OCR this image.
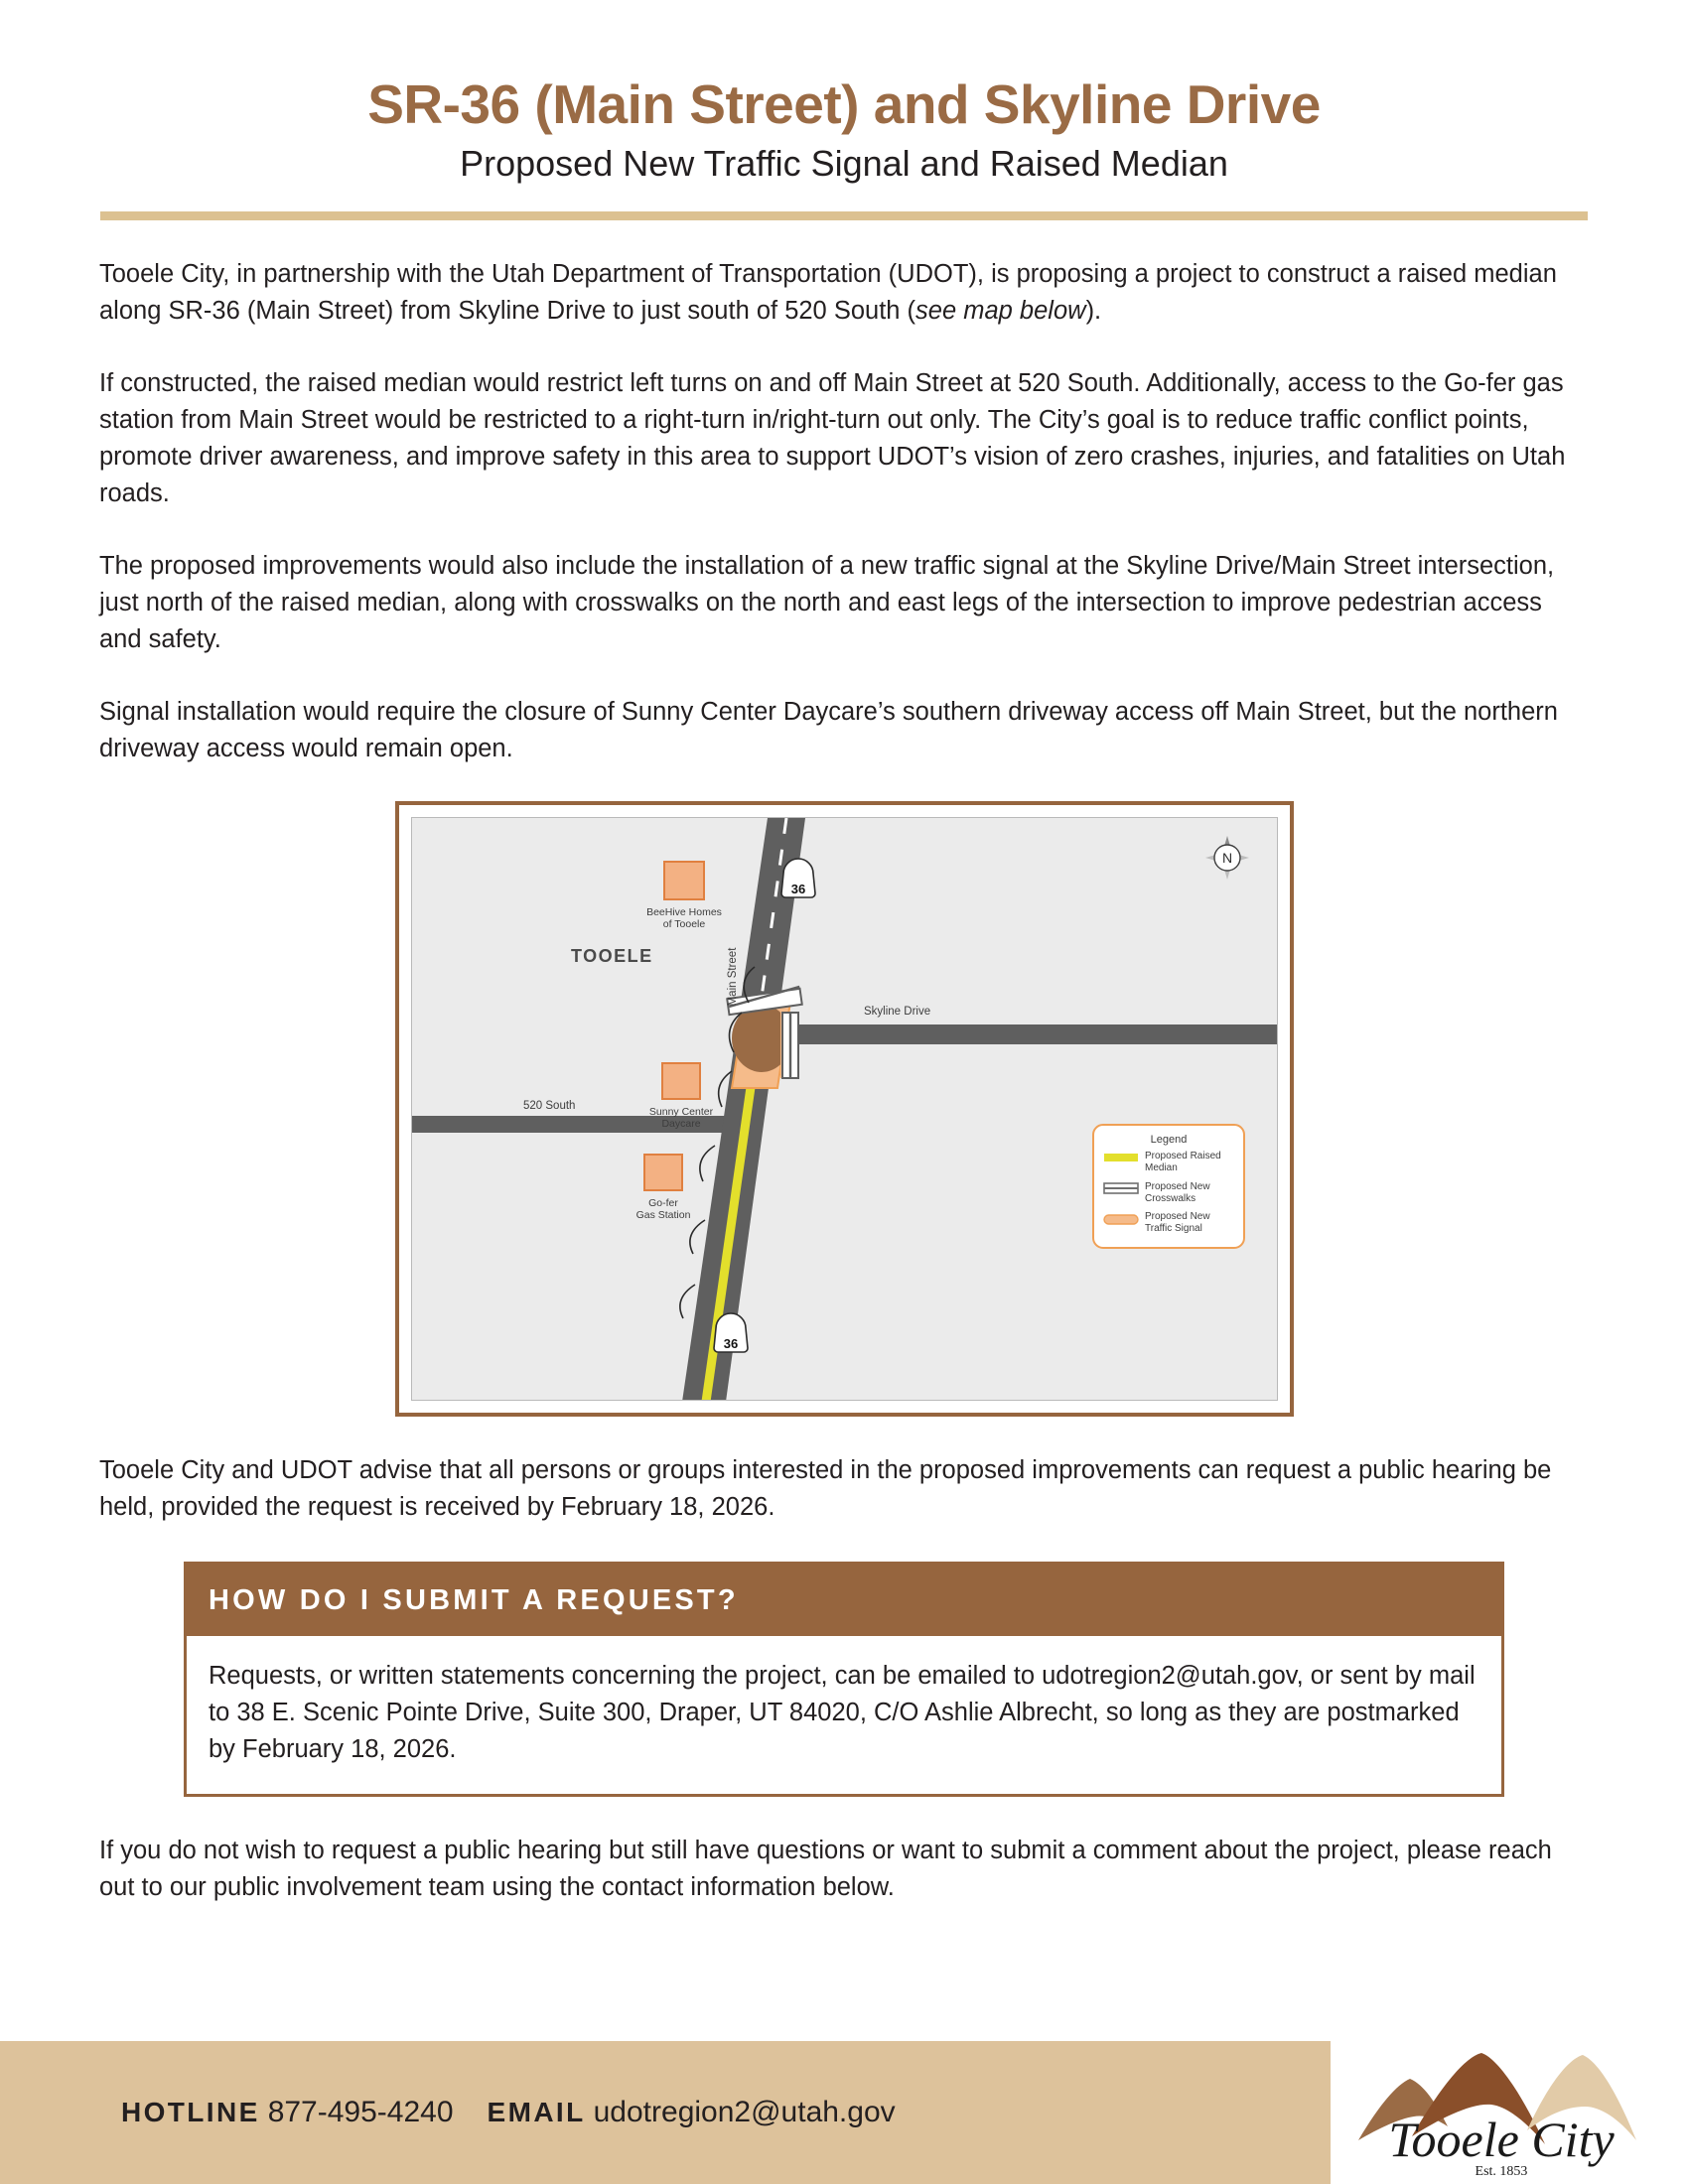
SR-36 (Main Street) and Skyline Drive
Proposed New Traffic Signal and Raised Median

Tooele City, in partnership with the Utah Department of Transportation (UDOT), is proposing a project to construct a raised median along SR-36 (Main Street) from Skyline Drive to just south of 520 South (see map below).

If constructed, the raised median would restrict left turns on and off Main Street at 520 South. Additionally, access to the Go-fer gas station from Main Street would be restricted to a right-turn in/right-turn out only. The City’s goal is to reduce traffic conflict points, promote driver awareness, and improve safety in this area to support UDOT’s vision of zero crashes, injuries, and fatalities on Utah roads.

The proposed improvements would also include the installation of a new traffic signal at the Skyline Drive/Main Street intersection, just north of the raised median, along with crosswalks on the north and east legs of the intersection to improve pedestrian access and safety.

Signal installation would require the closure of Sunny Center Daycare’s southern driveway access off Main Street, but the northern driveway access would remain open.

BeeHive Homes
of Tooele
Sunny Center
Daycare
Go-fer
Gas Station
TOOELE	Main Street
Skyline Drive
520 South
36
36
N
Legend
Proposed Raised
Median
Proposed New
Crosswalks
Proposed New
Traffic Signal

Tooele City and UDOT advise that all persons or groups interested in the proposed improvements can request a public hearing be held, provided the request is received by February 18, 2026.

HOW DO I SUBMIT A REQUEST?
Requests, or written statements concerning the project, can be emailed to udotregion2@utah.gov, or sent by mail to 38 E. Scenic Pointe Drive, Suite 300, Draper, UT 84020, C/O Ashlie Albrecht, so long as they are postmarked by February 18, 2026.

If you do not wish to request a public hearing but still have questions or want to submit a comment about the project, please reach out to our public involvement team using the contact information below.

HOTLINE 877-495-4240 EMAIL udotregion2@utah.gov	Tooele City
Est. 1853
